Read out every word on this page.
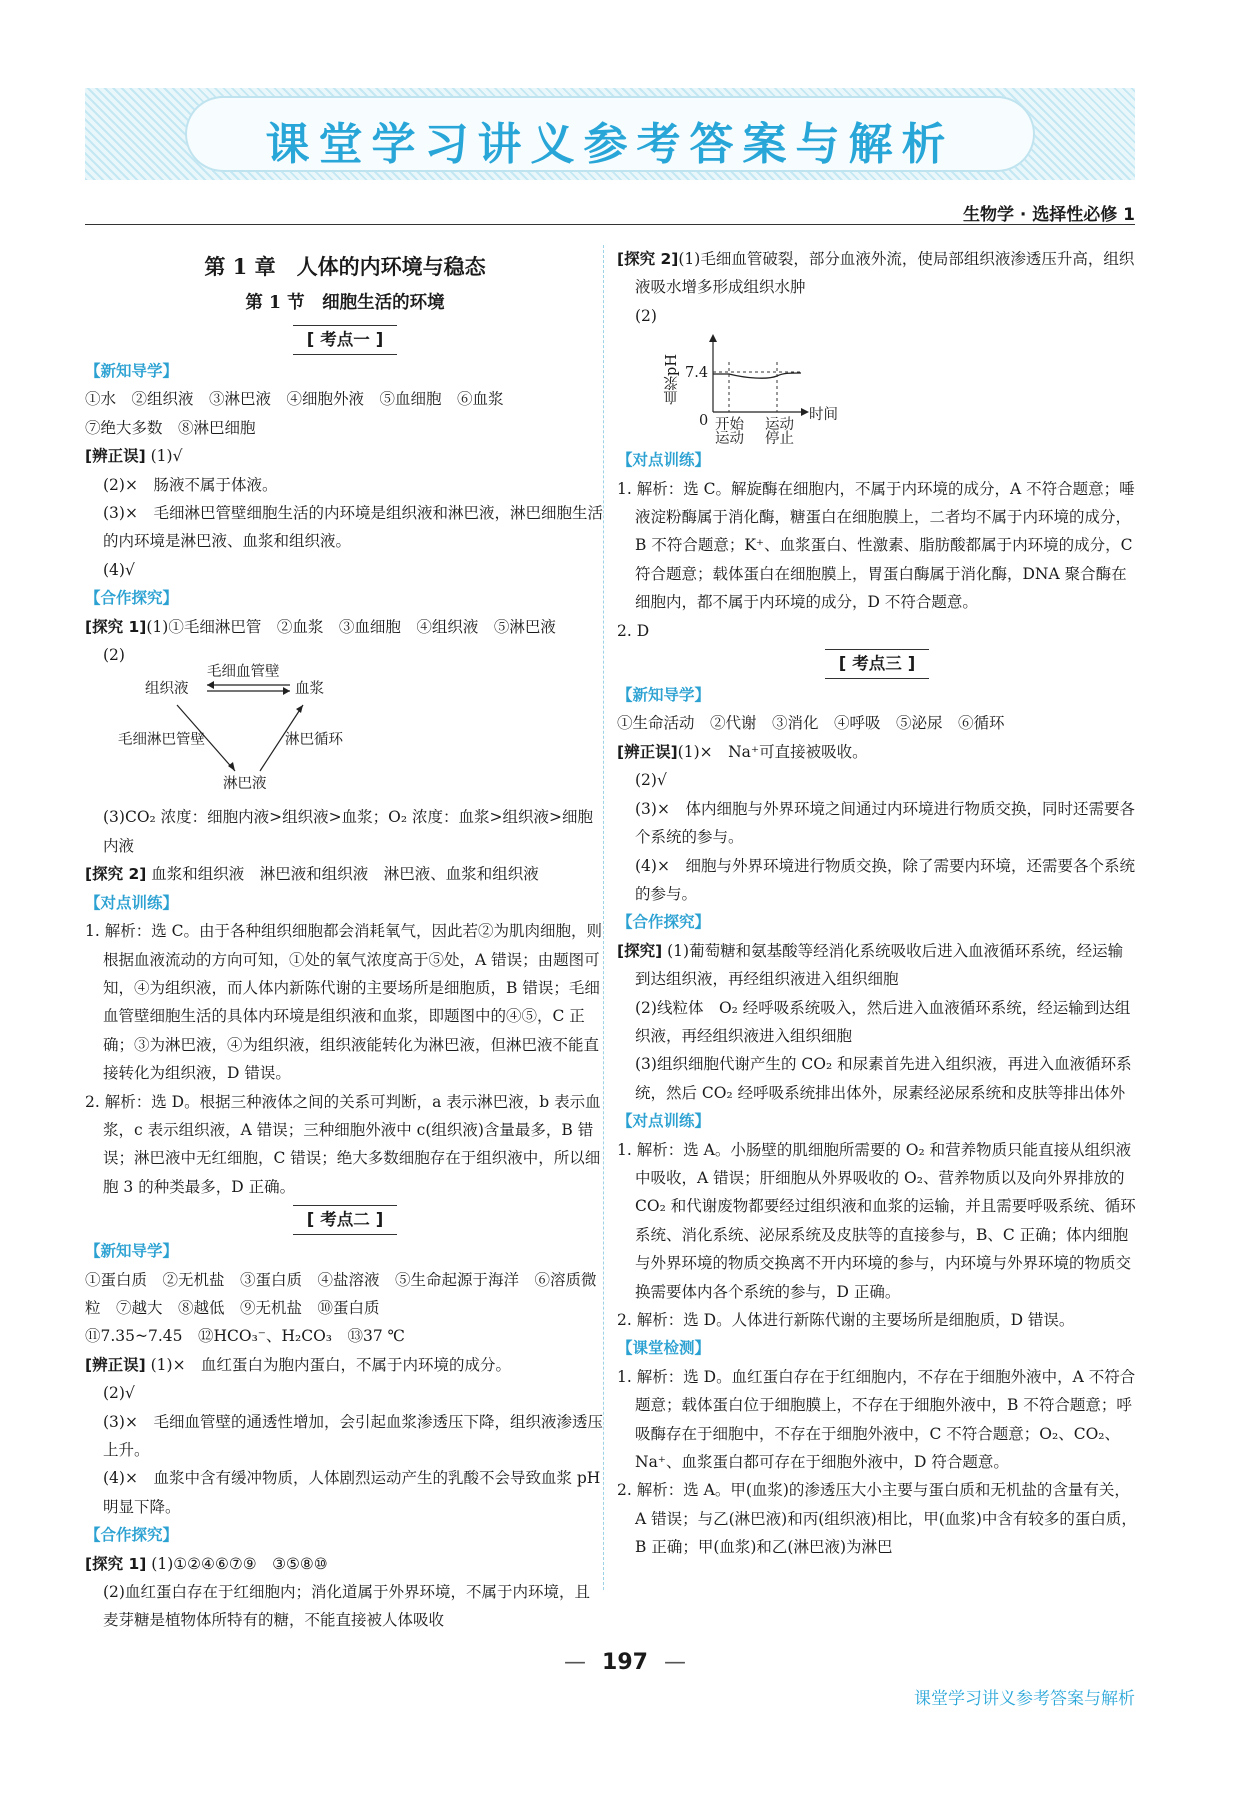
课堂学习讲义参考答案与解析
生物学 · 选择性必修 1
第 1 章　人体的内环境与稳态
第 1 节　细胞生活的环境
[ 考点一 ]
【新知导学】

①水　②组织液　③淋巴液　④细胞外液　⑤血细胞　⑥血浆

⑦绝大多数　⑧淋巴细胞

[辨正误] (1)√

(2)×　肠液不属于体液。

(3)×　毛细淋巴管壁细胞生活的内环境是组织液和淋巴液，淋巴细胞生活的内环境是淋巴液、血浆和组织液。

(4)√

【合作探究】

[探究 1](1)①毛细淋巴管　②血浆　③血细胞　④组织液　⑤淋巴液

(2)

组织液	血浆
毛细血管壁
毛细淋巴管壁	淋巴循环
淋巴液

(3)CO₂ 浓度：细胞内液>组织液>血浆；O₂ 浓度：血浆>组织液>细胞内液

[探究 2] 血浆和组织液　淋巴液和组织液　淋巴液、血浆和组织液

【对点训练】

1. 解析：选 C。由于各种组织细胞都会消耗氧气，因此若②为肌肉细胞，则根据血液流动的方向可知，①处的氧气浓度高于⑤处，A 错误；由题图可知，④为组织液，而人体内新陈代谢的主要场所是细胞质，B 错误；毛细血管壁细胞生活的具体内环境是组织液和血浆，即题图中的④⑤，C 正确；③为淋巴液，④为组织液，组织液能转化为淋巴液，但淋巴液不能直接转化为组织液，D 错误。

2. 解析：选 D。根据三种液体之间的关系可判断，a 表示淋巴液，b 表示血浆，c 表示组织液，A 错误；三种细胞外液中 c(组织液)含量最多，B 错误；淋巴液中无红细胞，C 错误；绝大多数细胞存在于组织液中，所以细胞 3 的种类最多，D 正确。

[ 考点二 ]
【新知导学】

①蛋白质　②无机盐　③蛋白质　④盐溶液　⑤生命起源于海洋　⑥溶质微粒　⑦越大　⑧越低　⑨无机盐　⑩蛋白质

⑪7.35~7.45　⑫HCO₃⁻、H₂CO₃　⑬37 ℃

[辨正误] (1)×　血红蛋白为胞内蛋白，不属于内环境的成分。

(2)√

(3)×　毛细血管壁的通透性增加，会引起血浆渗透压下降，组织液渗透压上升。

(4)×　血浆中含有缓冲物质，人体剧烈运动产生的乳酸不会导致血浆 pH 明显下降。

【合作探究】

[探究 1] (1)①②④⑥⑦⑨　③⑤⑧⑩

(2)血红蛋白存在于红细胞内；消化道属于外界环境，不属于内环境，且麦芽糖是植物体所特有的糖，不能直接被人体吸收

[探究 2](1)毛细血管破裂，部分血液外流，使局部组织液渗透压升高，组织液吸水增多形成组织水肿

(2)

血浆pH 7.4
0	时间
开始
运动
运动
停止
【对点训练】

1. 解析：选 C。解旋酶在细胞内，不属于内环境的成分，A 不符合题意；唾液淀粉酶属于消化酶，糖蛋白在细胞膜上，二者均不属于内环境的成分，B 不符合题意；K⁺、血浆蛋白、性激素、脂肪酸都属于内环境的成分，C 符合题意；载体蛋白在细胞膜上，胃蛋白酶属于消化酶，DNA 聚合酶在细胞内，都不属于内环境的成分，D 不符合题意。

2. D

[ 考点三 ]
【新知导学】

①生命活动　②代谢　③消化　④呼吸　⑤泌尿　⑥循环

[辨正误](1)×　Na⁺可直接被吸收。

(2)√

(3)×　体内细胞与外界环境之间通过内环境进行物质交换，同时还需要各个系统的参与。

(4)×　细胞与外界环境进行物质交换，除了需要内环境，还需要各个系统的参与。

【合作探究】

[探究] (1)葡萄糖和氨基酸等经消化系统吸收后进入血液循环系统，经运输到达组织液，再经组织液进入组织细胞

(2)线粒体　O₂ 经呼吸系统吸入，然后进入血液循环系统，经运输到达组织液，再经组织液进入组织细胞

(3)组织细胞代谢产生的 CO₂ 和尿素首先进入组织液，再进入血液循环系统，然后 CO₂ 经呼吸系统排出体外，尿素经泌尿系统和皮肤等排出体外

【对点训练】

1. 解析：选 A。小肠壁的肌细胞所需要的 O₂ 和营养物质只能直接从组织液中吸收，A 错误；肝细胞从外界吸收的 O₂、营养物质以及向外界排放的 CO₂ 和代谢废物都要经过组织液和血浆的运输，并且需要呼吸系统、循环系统、消化系统、泌尿系统及皮肤等的直接参与，B、C 正确；体内细胞与外界环境的物质交换离不开内环境的参与，内环境与外界环境的物质交换需要体内各个系统的参与，D 正确。

2. 解析：选 D。人体进行新陈代谢的主要场所是细胞质，D 错误。

【课堂检测】

1. 解析：选 D。血红蛋白存在于红细胞内，不存在于细胞外液中，A 不符合题意；载体蛋白位于细胞膜上，不存在于细胞外液中，B 不符合题意；呼吸酶存在于细胞中，不存在于细胞外液中，C 不符合题意；O₂、CO₂、Na⁺、血浆蛋白都可存在于细胞外液中，D 符合题意。

2. 解析：选 A。甲(血浆)的渗透压大小主要与蛋白质和无机盐的含量有关，A 错误；与乙(淋巴液)和丙(组织液)相比，甲(血浆)中含有较多的蛋白质，B 正确；甲(血浆)和乙(淋巴液)为淋巴

— 197 —
课堂学习讲义参考答案与解析
